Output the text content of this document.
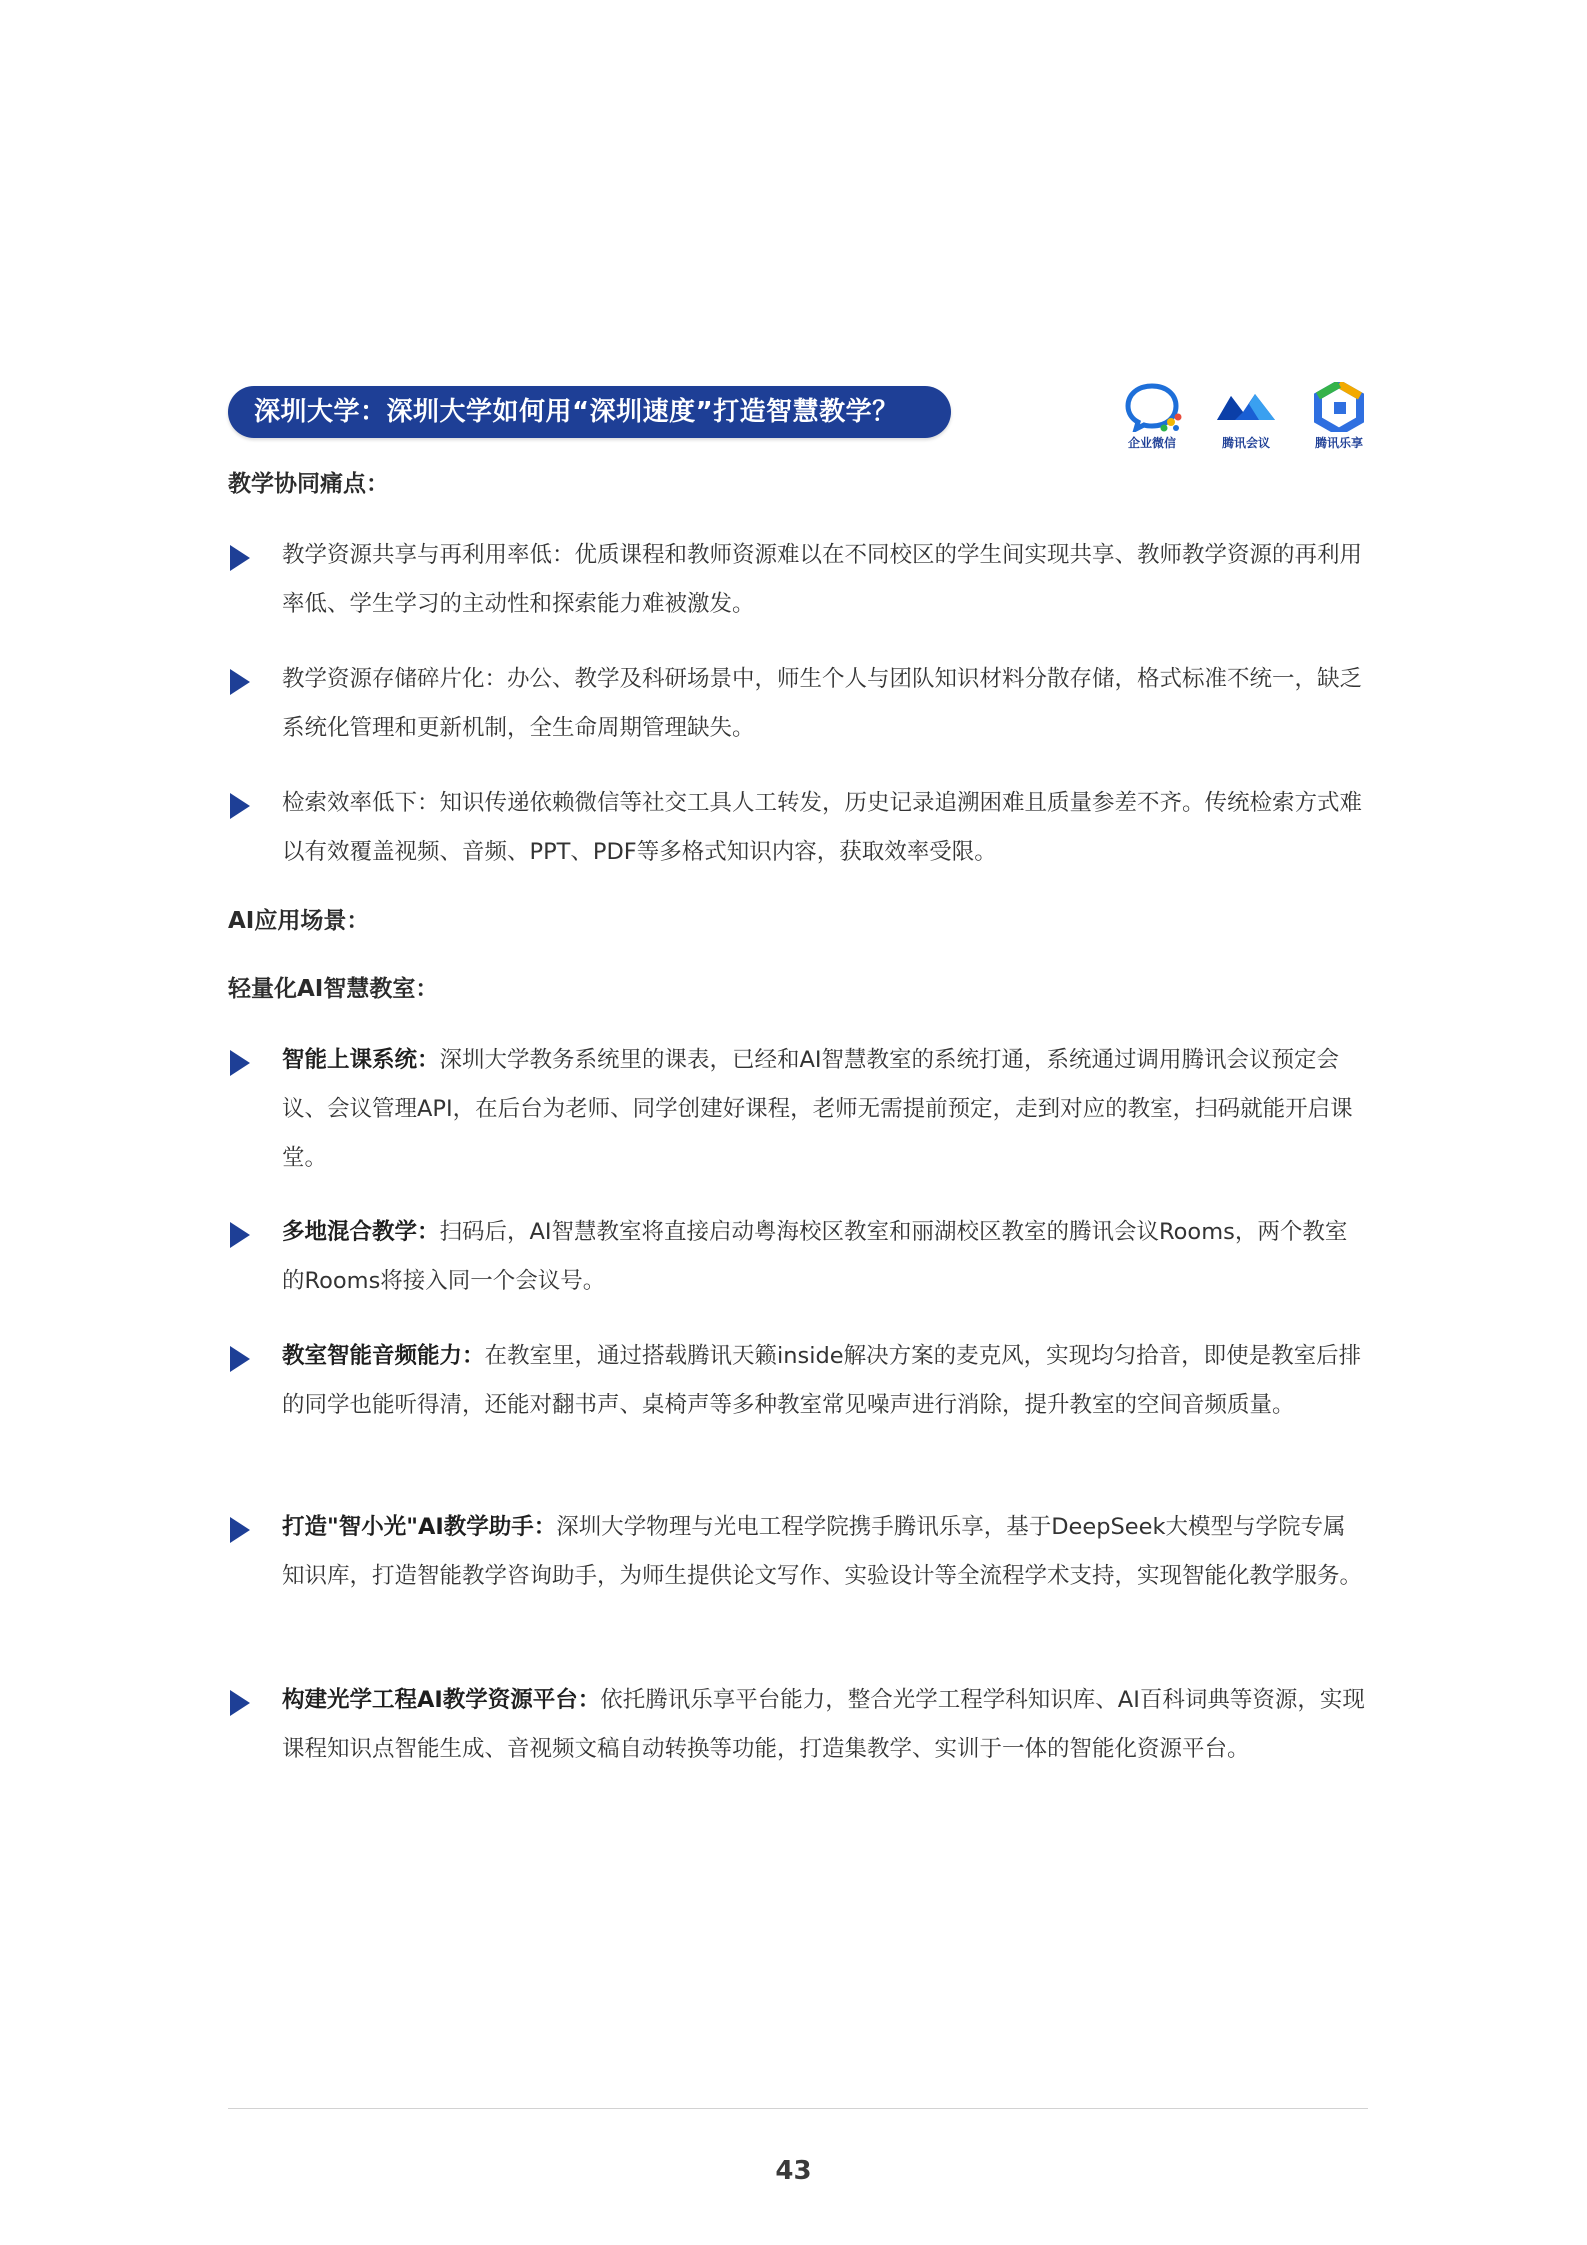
深圳大学：深圳大学如何用“深圳速度”打造智慧教学？
企业微信	腾讯会议	腾讯乐享
教学协同痛点：
教学资源共享与再利用率低：优质课程和教师资源难以在不同校区的学生间实现共享、教师教学资源的再利用率低、学生学习的主动性和探索能力难被激发。
教学资源存储碎片化：办公、教学及科研场景中，师生个人与团队知识材料分散存储，格式标准不统一，缺乏系统化管理和更新机制，全生命周期管理缺失。
检索效率低下：知识传递依赖微信等社交工具人工转发，历史记录追溯困难且质量参差不齐。传统检索方式难以有效覆盖视频、音频、PPT、PDF等多格式知识内容，获取效率受限。
AI应用场景：
轻量化AI智慧教室：
智能上课系统：深圳大学教务系统里的课表，已经和AI智慧教室的系统打通，系统通过调用腾讯会议预定会议、会议管理API，在后台为老师、同学创建好课程，老师无需提前预定，走到对应的教室，扫码就能开启课堂。
多地混合教学：扫码后，AI智慧教室将直接启动粤海校区教室和丽湖校区教室的腾讯会议Rooms，两个教室的Rooms将接入同一个会议号。
教室智能音频能力：在教室里，通过搭载腾讯天籁inside解决方案的麦克风，实现均匀拾音，即使是教室后排的同学也能听得清，还能对翻书声、桌椅声等多种教室常见噪声进行消除，提升教室的空间音频质量。
打造"智小光"AI教学助手：深圳大学物理与光电工程学院携手腾讯乐享，基于DeepSeek大模型与学院专属知识库，打造智能教学咨询助手，为师生提供论文写作、实验设计等全流程学术支持，实现智能化教学服务。
构建光学工程AI教学资源平台：依托腾讯乐享平台能力，整合光学工程学科知识库、AI百科词典等资源，实现课程知识点智能生成、音视频文稿自动转换等功能，打造集教学、实训于一体的智能化资源平台。
43
